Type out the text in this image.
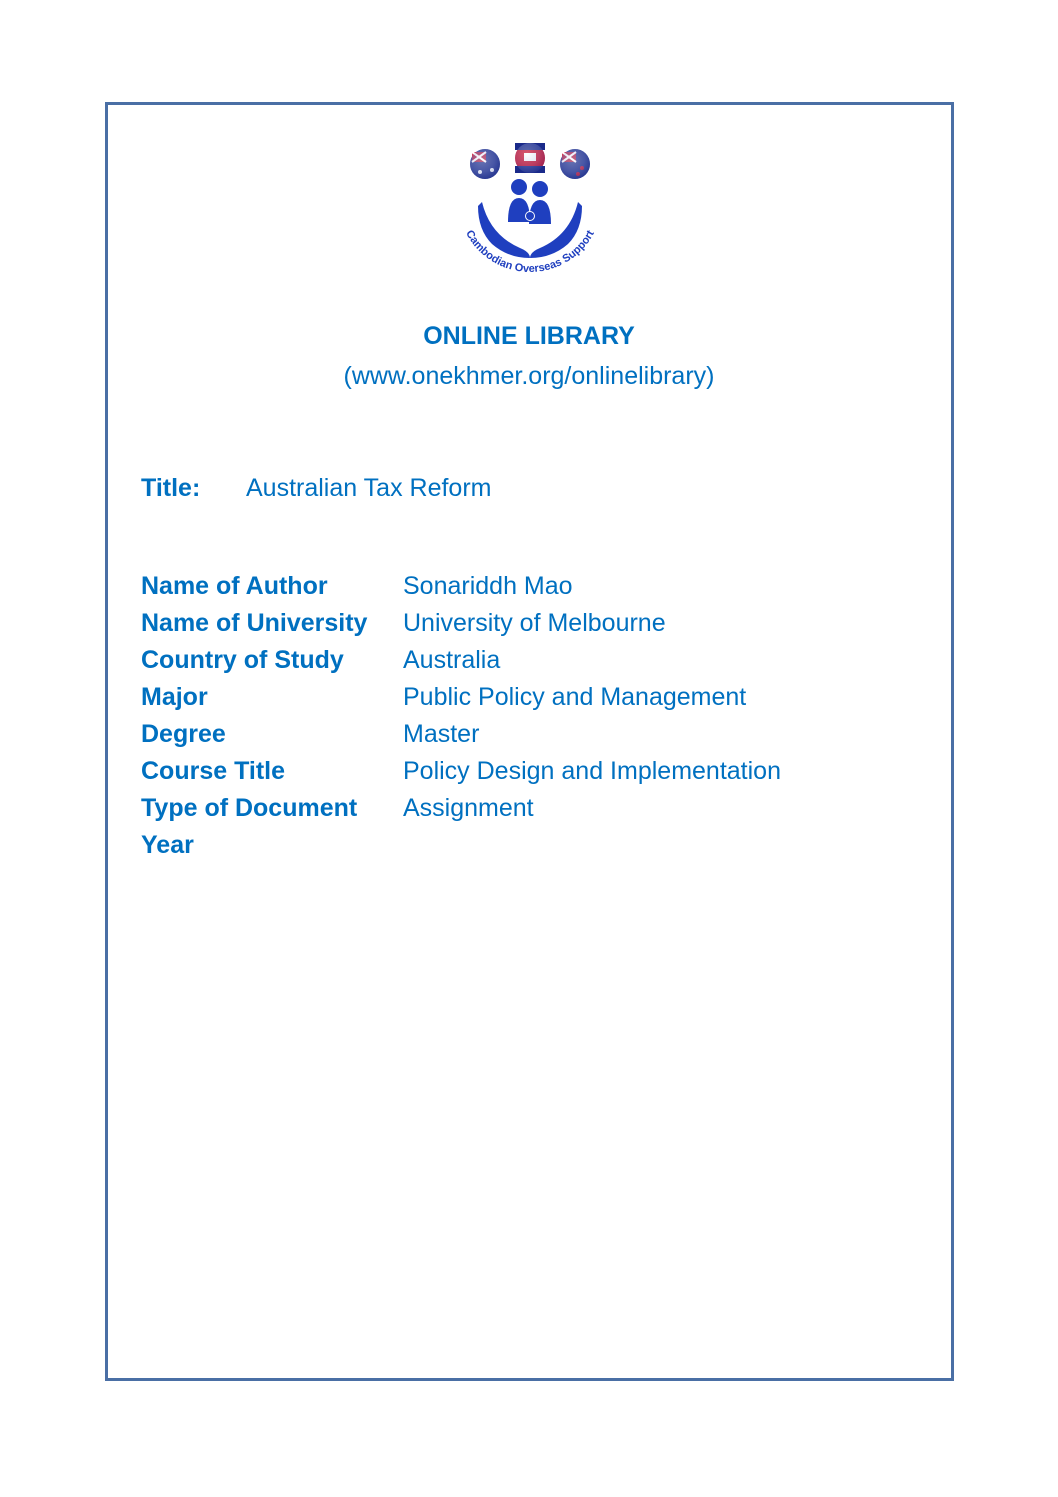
Cambodian Overseas Support
ONLINE LIBRARY
(www.onekhmer.org/onlinelibrary)
Title: Australian Tax Reform
Name of Author	Sonariddh Mao
Name of University	University of Melbourne
Country of Study	Australia
Major	Public Policy and Management
Degree	Master
Course Title	Policy Design and Implementation
Type of Document	Assignment
Year
